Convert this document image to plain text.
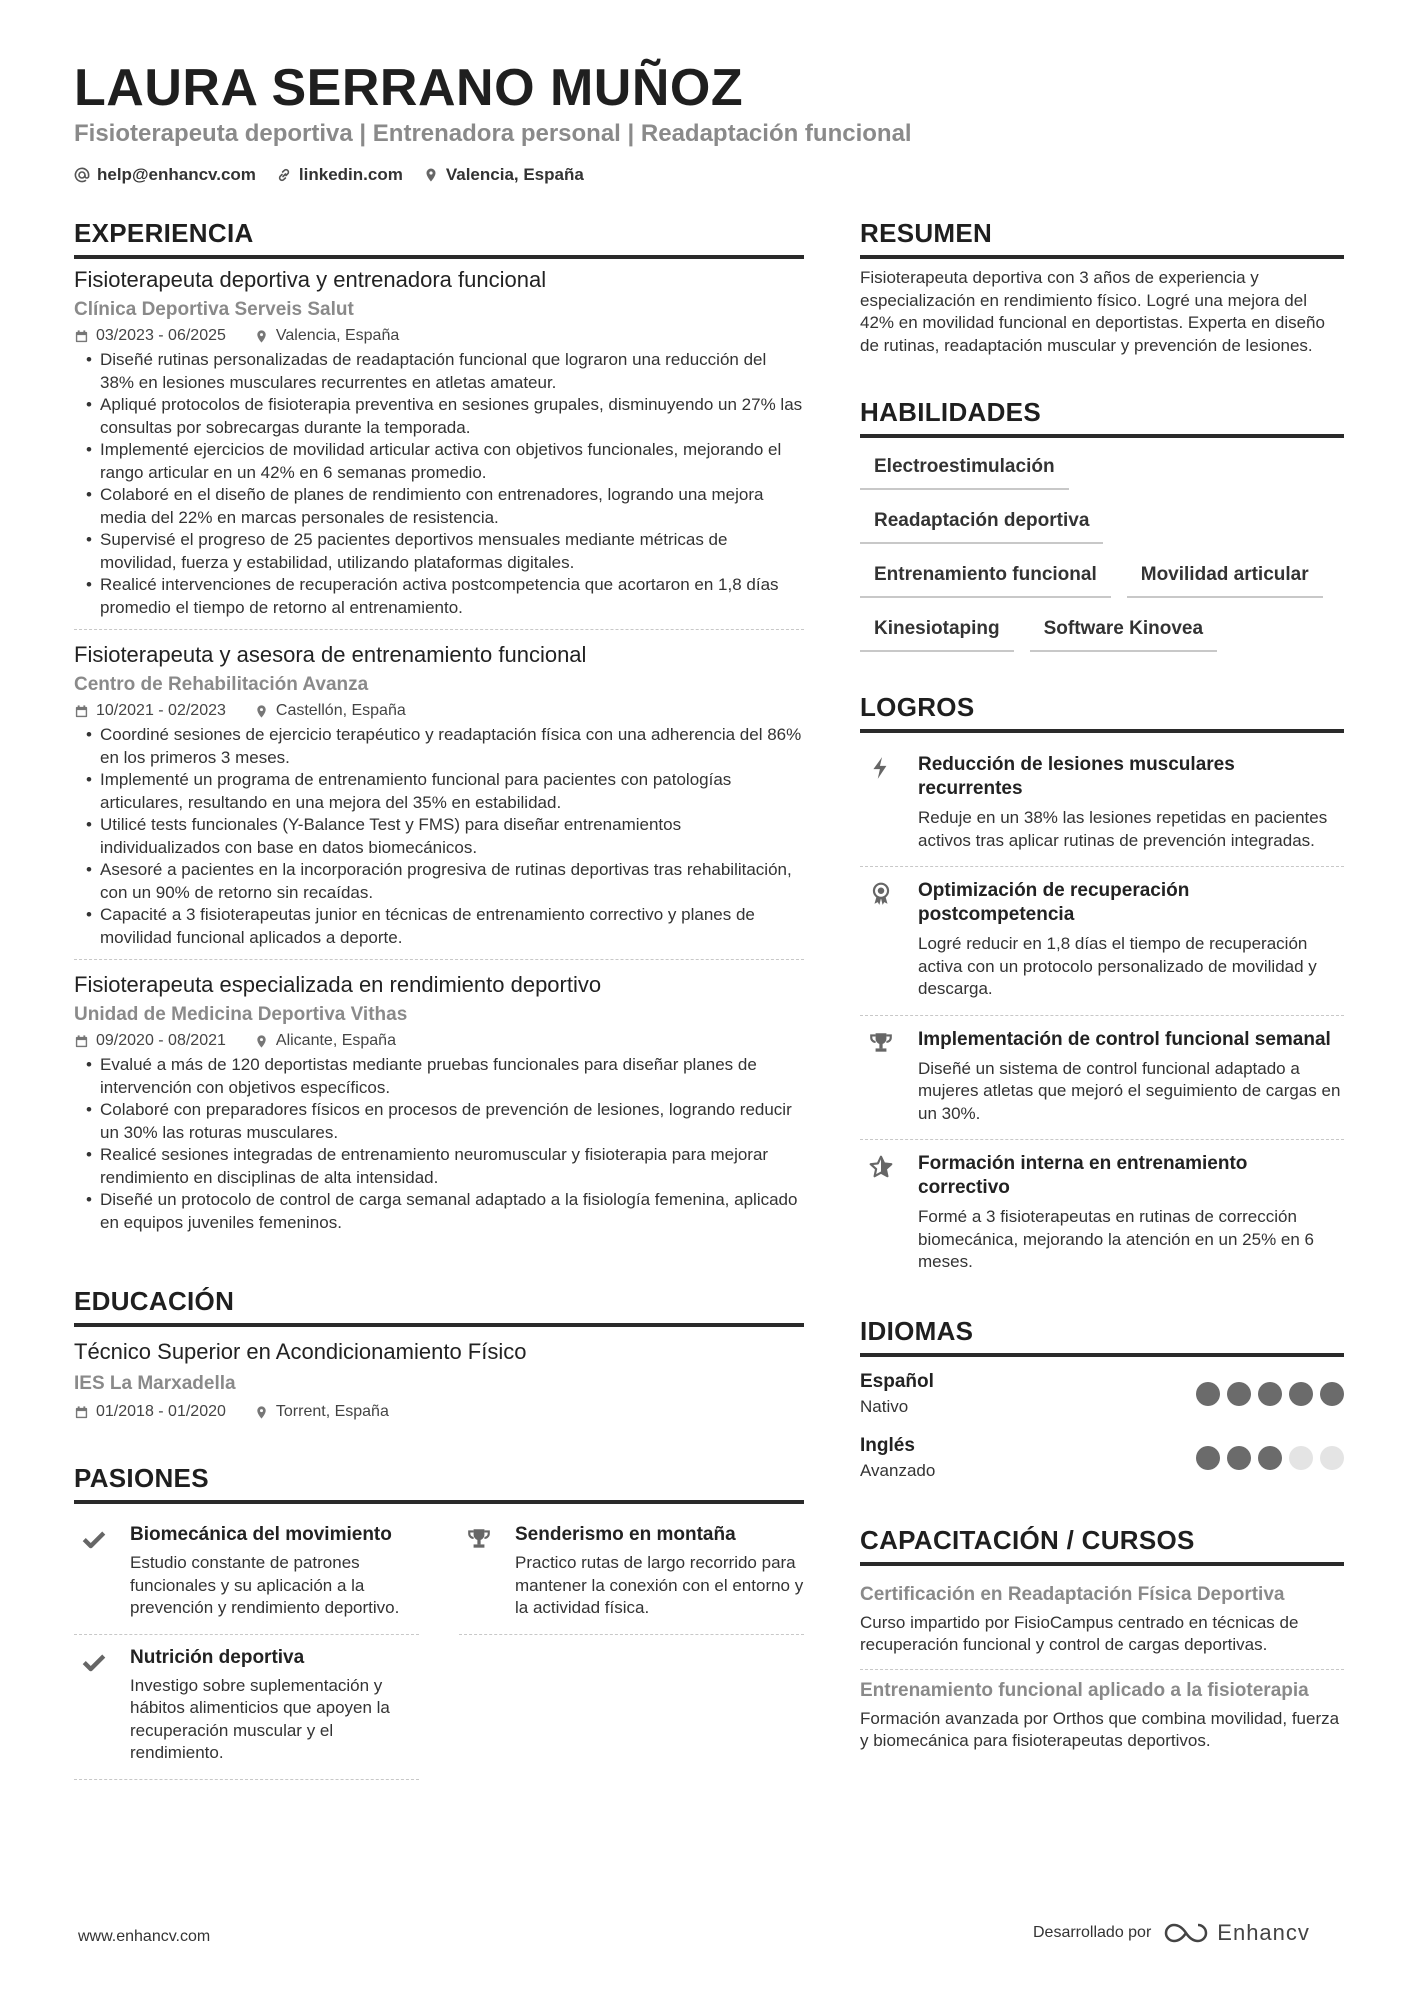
LAURA SERRANO MUÑOZ
Fisioterapeuta deportiva | Entrenadora personal | Readaptación funcional
help@enhancv.com	linkedin.com	Valencia, España
EXPERIENCIA
Fisioterapeuta deportiva y entrenadora funcional
Clínica Deportiva Serveis Salut
03/2023 - 06/2025	Valencia, España
• Diseñé rutinas personalizadas de readaptación funcional que lograron una reducción del 38% en lesiones musculares recurrentes en atletas amateur.
• Apliqué protocolos de fisioterapia preventiva en sesiones grupales, disminuyendo un 27% las consultas por sobrecargas durante la temporada.
• Implementé ejercicios de movilidad articular activa con objetivos funcionales, mejorando el rango articular en un 42% en 6 semanas promedio.
• Colaboré en el diseño de planes de rendimiento con entrenadores, logrando una mejora media del 22% en marcas personales de resistencia.
• Supervisé el progreso de 25 pacientes deportivos mensuales mediante métricas de movilidad, fuerza y estabilidad, utilizando plataformas digitales.
• Realicé intervenciones de recuperación activa postcompetencia que acortaron en 1,8 días promedio el tiempo de retorno al entrenamiento.
Fisioterapeuta y asesora de entrenamiento funcional
Centro de Rehabilitación Avanza
10/2021 - 02/2023	Castellón, España
• Coordiné sesiones de ejercicio terapéutico y readaptación física con una adherencia del 86% en los primeros 3 meses.
• Implementé un programa de entrenamiento funcional para pacientes con patologías articulares, resultando en una mejora del 35% en estabilidad.
• Utilicé tests funcionales (Y-Balance Test y FMS) para diseñar entrenamientos individualizados con base en datos biomecánicos.
• Asesoré a pacientes en la incorporación progresiva de rutinas deportivas tras rehabilitación, con un 90% de retorno sin recaídas.
• Capacité a 3 fisioterapeutas junior en técnicas de entrenamiento correctivo y planes de movilidad funcional aplicados a deporte.
Fisioterapeuta especializada en rendimiento deportivo
Unidad de Medicina Deportiva Vithas
09/2020 - 08/2021	Alicante, España
• Evalué a más de 120 deportistas mediante pruebas funcionales para diseñar planes de intervención con objetivos específicos.
• Colaboré con preparadores físicos en procesos de prevención de lesiones, logrando reducir un 30% las roturas musculares.
• Realicé sesiones integradas de entrenamiento neuromuscular y fisioterapia para mejorar rendimiento en disciplinas de alta intensidad.
• Diseñé un protocolo de control de carga semanal adaptado a la fisiología femenina, aplicado en equipos juveniles femeninos.
EDUCACIÓN
Técnico Superior en Acondicionamiento Físico
IES La Marxadella
01/2018 - 01/2020	Torrent, España
PASIONES
Biomecánica del movimiento
Estudio constante de patrones funcionales y su aplicación a la prevención y rendimiento deportivo.
Senderismo en montaña
Practico rutas de largo recorrido para mantener la conexión con el entorno y la actividad física.
Nutrición deportiva
Investigo sobre suplementación y hábitos alimenticios que apoyen la recuperación muscular y el rendimiento.
RESUMEN
Fisioterapeuta deportiva con 3 años de experiencia y especialización en rendimiento físico. Logré una mejora del 42% en movilidad funcional en deportistas. Experta en diseño de rutinas, readaptación muscular y prevención de lesiones.
HABILIDADES
Electroestimulación
Readaptación deportiva
Entrenamiento funcional	Movilidad articular
Kinesiotaping	Software Kinovea
LOGROS
Reducción de lesiones musculares recurrentes
Reduje en un 38% las lesiones repetidas en pacientes activos tras aplicar rutinas de prevención integradas.
Optimización de recuperación postcompetencia
Logré reducir en 1,8 días el tiempo de recuperación activa con un protocolo personalizado de movilidad y descarga.
Implementación de control funcional semanal
Diseñé un sistema de control funcional adaptado a mujeres atletas que mejoró el seguimiento de cargas en un 30%.
Formación interna en entrenamiento correctivo
Formé a 3 fisioterapeutas en rutinas de corrección biomecánica, mejorando la atención en un 25% en 6 meses.
IDIOMAS
Español
Nativo
Inglés
Avanzado
CAPACITACIÓN / CURSOS
Certificación en Readaptación Física Deportiva
Curso impartido por FisioCampus centrado en técnicas de recuperación funcional y control de cargas deportivas.
Entrenamiento funcional aplicado a la fisioterapia
Formación avanzada por Orthos que combina movilidad, fuerza y biomecánica para fisioterapeutas deportivos.
www.enhancv.com	Desarrollado por	Enhancv
